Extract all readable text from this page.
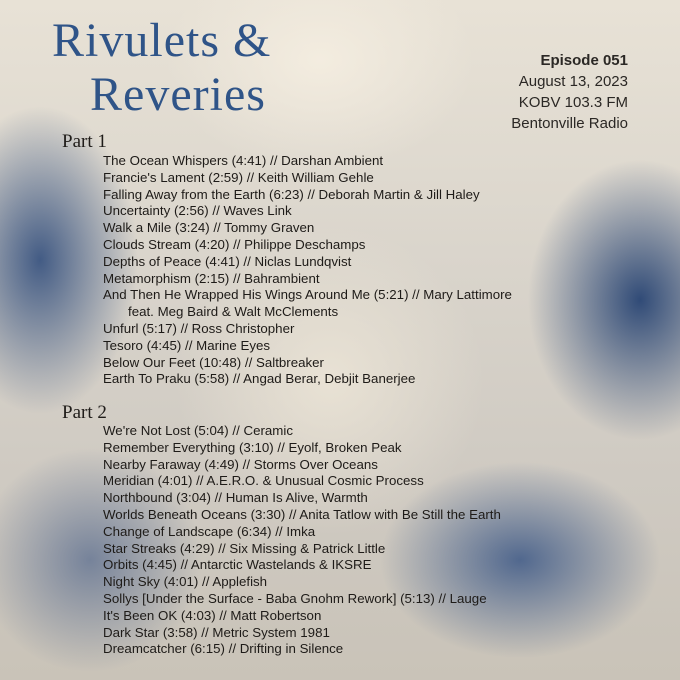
Rivulets &
Reveries
Episode 051
August 13, 2023
KOBV 103.3 FM
Bentonville Radio
Part 1
The Ocean Whispers (4:41) // Darshan Ambient
Francie's Lament (2:59) // Keith William Gehle
Falling Away from the Earth (6:23) // Deborah Martin & Jill Haley
Uncertainty (2:56) // Waves Link
Walk a Mile (3:24) // Tommy Graven
Clouds Stream (4:20) // Philippe Deschamps
Depths of Peace (4:41) // Niclas Lundqvist
Metamorphism (2:15) // Bahrambient
And Then He Wrapped His Wings Around Me (5:21) // Mary Lattimore
feat. Meg Baird & Walt McClements
Unfurl (5:17) // Ross Christopher
Tesoro (4:45) // Marine Eyes
Below Our Feet (10:48) // Saltbreaker
Earth To Praku (5:58) // Angad Berar, Debjit Banerjee
Part 2
We're Not Lost (5:04) // Ceramic
Remember Everything (3:10) // Eyolf, Broken Peak
Nearby Faraway (4:49) // Storms Over Oceans
Meridian (4:01) // A.E.R.O. & Unusual Cosmic Process
Northbound (3:04) // Human Is Alive, Warmth
Worlds Beneath Oceans (3:30) // Anita Tatlow with Be Still the Earth
Change of Landscape (6:34) // Imka
Star Streaks (4:29) // Six Missing & Patrick Little
Orbits (4:45) // Antarctic Wastelands & IKSRE
Night Sky (4:01) // Applefish
Sollys [Under the Surface - Baba Gnohm Rework] (5:13) // Lauge
It's Been OK (4:03) // Matt Robertson
Dark Star (3:58) // Metric System 1981
Dreamcatcher (6:15) // Drifting in Silence
